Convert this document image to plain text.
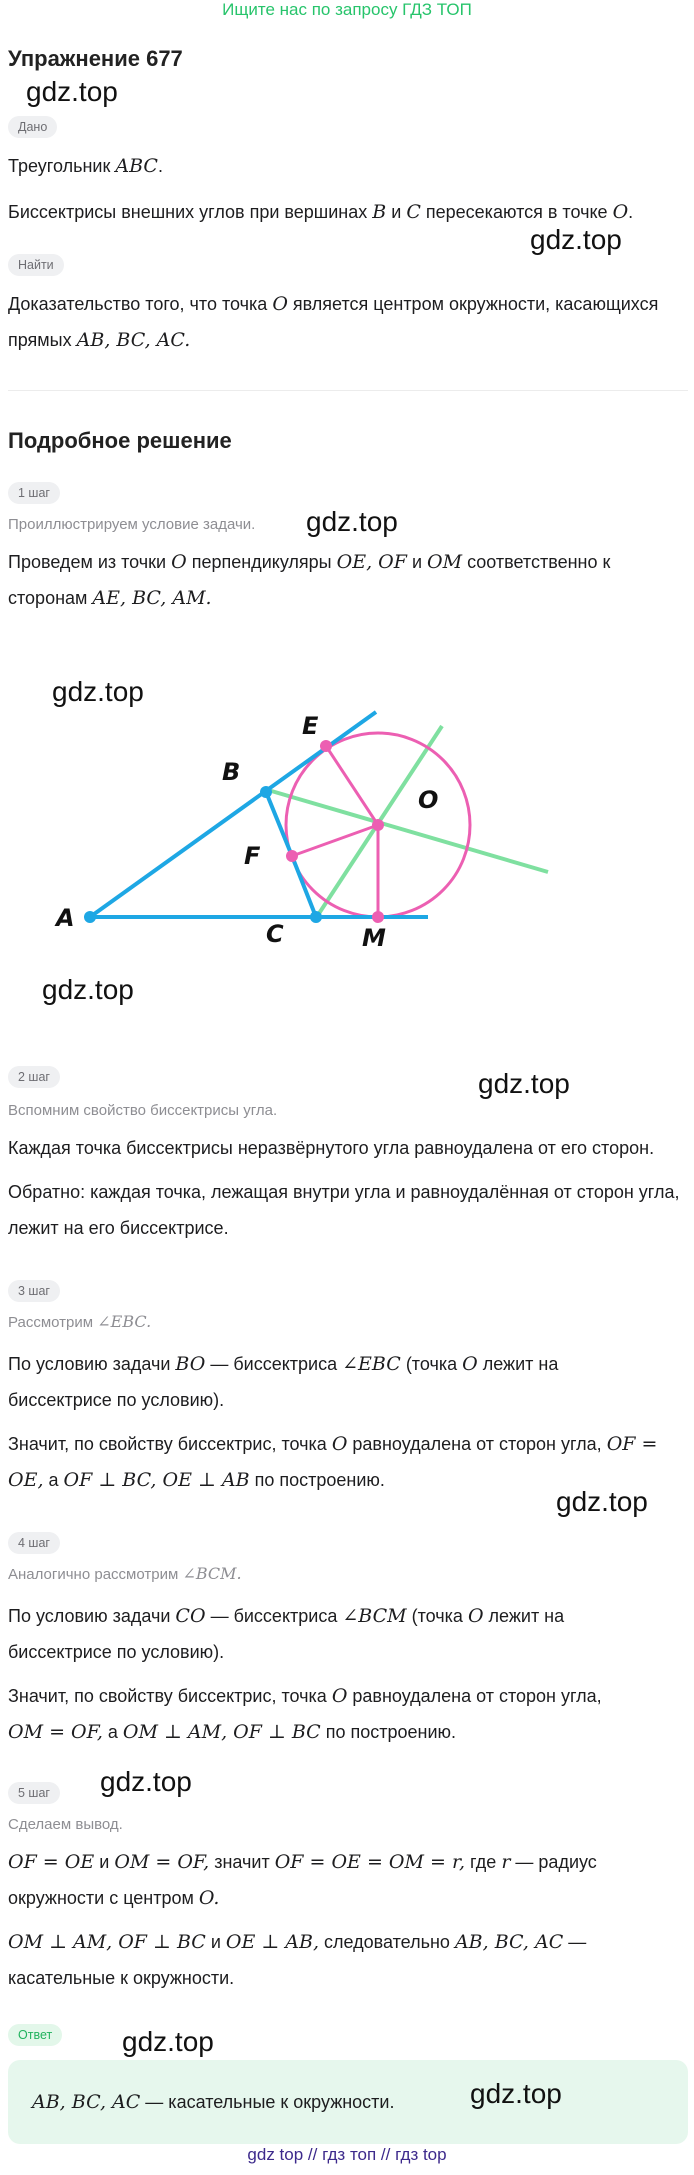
Ищите нас по запросу ГДЗ ТОП
Упражнение 677
gdz.top
Дано
Треугольник ABC.
Биссектрисы внешних углов при вершинах B и C пересекаются в точке O.
gdz.top
Найти
Доказательство того, что точка O является центром окружности, касающихся
прямых AB, BC, AC.
Подробное решение
1 шаг
Проиллюстрируем условие задачи. gdz.top
Проведем из точки O перпендикуляры OE, OF и OM соответственно к
сторонам AE, BC, AM.
gdz.top
A
B
C
E
F
O
M
gdz.top
2 шаг	gdz.top
Вспомним свойство биссектрисы угла.
Каждая точка биссектрисы неразвёрнутого угла равноудалена от его сторон.
Обратно: каждая точка, лежащая внутри угла и равноудалённая от сторон угла,
лежит на его биссектрисе.
3 шаг
Рассмотрим ∠EBC.
По условию задачи BO — биссектриса ∠EBC (точка O лежит на
биссектрисе по условию).
Значит, по свойству биссектрис, точка O равноудалена от сторон угла, OF =
OE, а OF ⊥ BC, OE ⊥ AB по построению.
gdz.top
4 шаг
Аналогично рассмотрим ∠BCM.
По условию задачи CO — биссектриса ∠BCM (точка O лежит на
биссектрисе по условию).
Значит, по свойству биссектрис, точка O равноудалена от сторон угла,
OM = OF, а OM ⊥ AM, OF ⊥ BC по построению.
5 шаг	gdz.top
Сделаем вывод.
OF = OE и OM = OF, значит OF = OE = OM = r, где r — радиус
окружности с центром O.
OM ⊥ AM, OF ⊥ BC и OE ⊥ AB, следовательно AB, BC, AC —
касательные к окружности.
Ответ	gdz.top
AB, BC, AC — касательные к окружности.	gdz.top
gdz top // гдз топ // гдз top
